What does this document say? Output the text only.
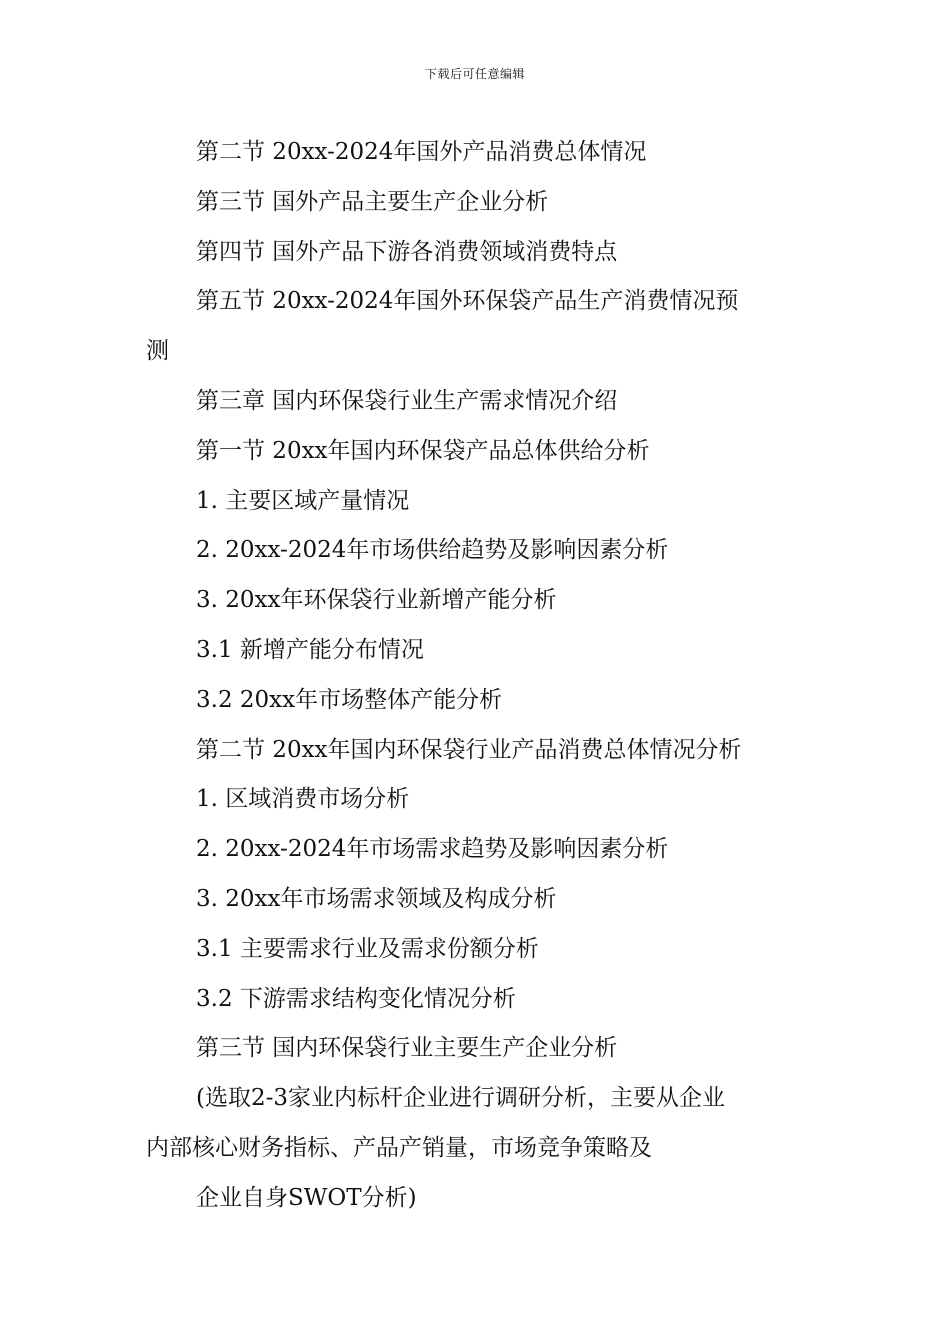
下载后可任意编辑
第二节 20xx-2024年国外产品消费总体情况
第三节 国外产品主要生产企业分析
第四节 国外产品下游各消费领域消费特点
第五节 20xx-2024年国外环保袋产品生产消费情况预
测
第三章 国内环保袋行业生产需求情况介绍
第一节 20xx年国内环保袋产品总体供给分析
1. 主要区域产量情况
2. 20xx-2024年市场供给趋势及影响因素分析
3. 20xx年环保袋行业新增产能分析
3.1 新增产能分布情况
3.2 20xx年市场整体产能分析
第二节 20xx年国内环保袋行业产品消费总体情况分析
1. 区域消费市场分析
2. 20xx-2024年市场需求趋势及影响因素分析
3. 20xx年市场需求领域及构成分析
3.1 主要需求行业及需求份额分析
3.2 下游需求结构变化情况分析
第三节 国内环保袋行业主要生产企业分析
(选取2-3家业内标杆企业进行调研分析，主要从企业
内部核心财务指标、产品产销量，市场竞争策略及
企业自身SWOT分析)
